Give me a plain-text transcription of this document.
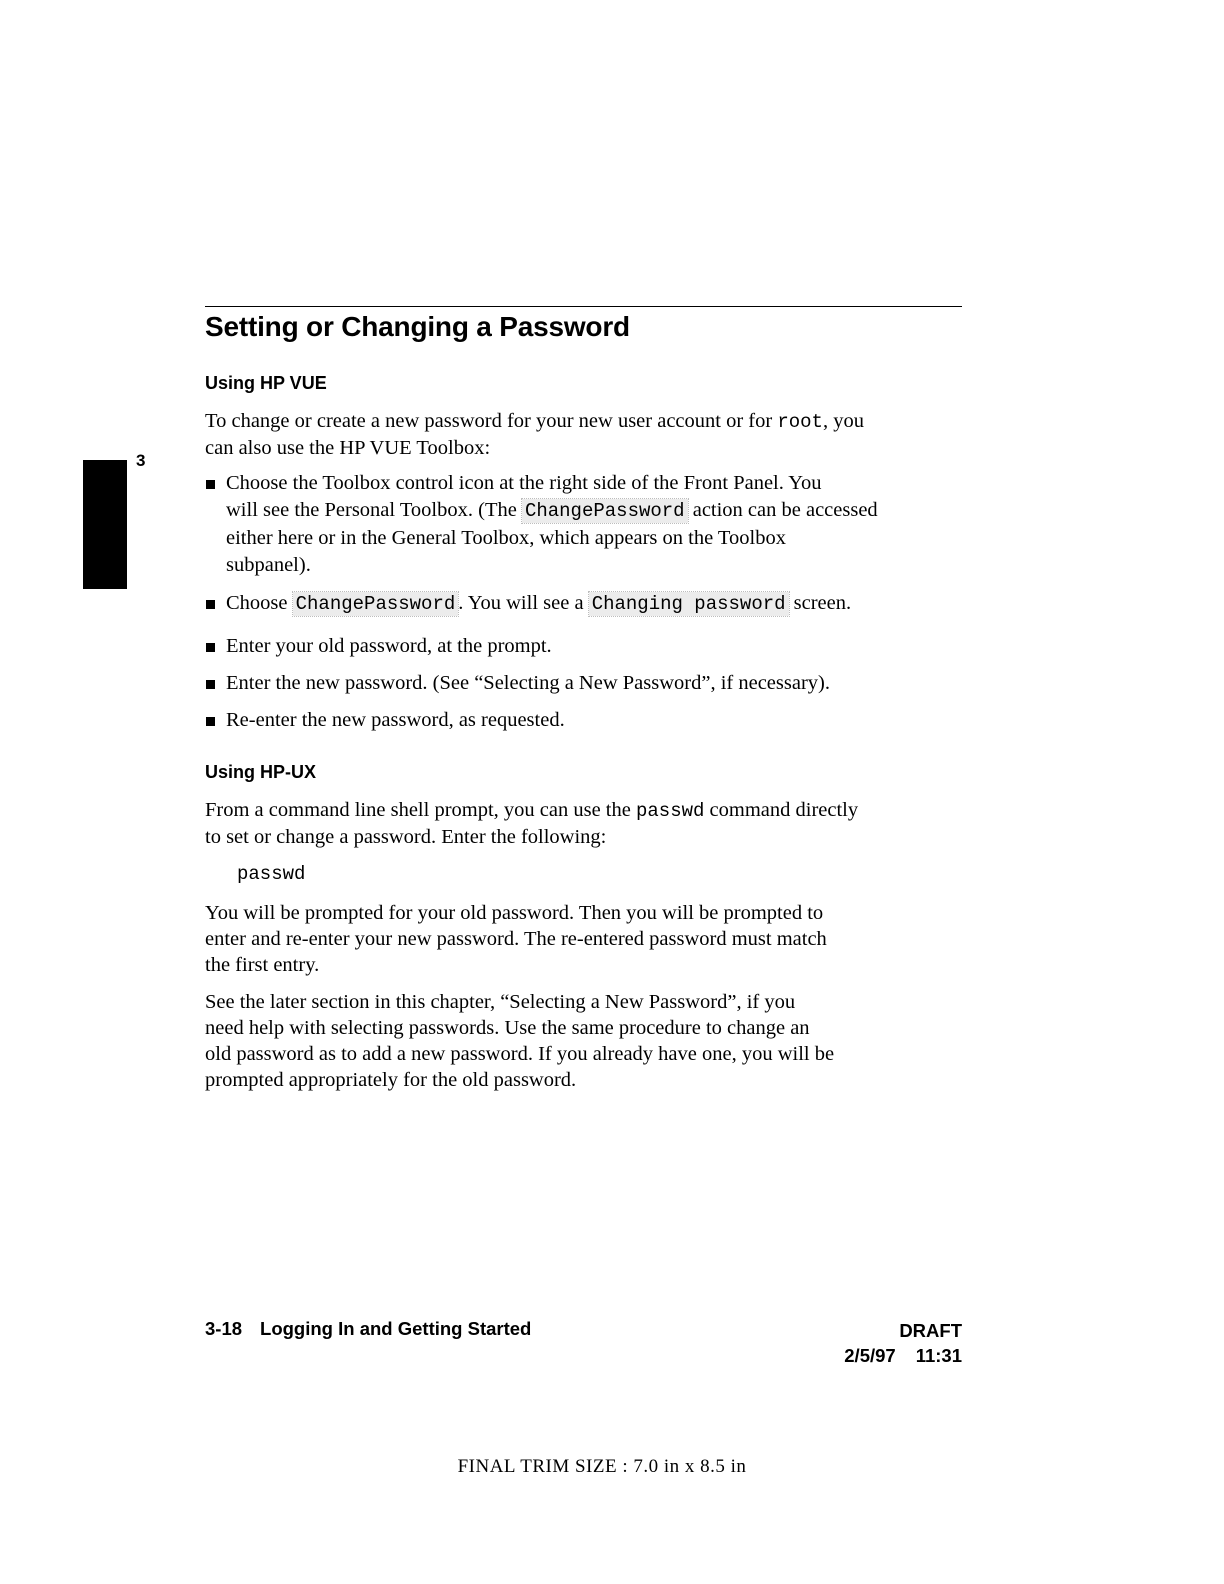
3
Setting or Changing a Password
Using HP VUE
To change or create a new password for your new user account or for root, you
can also use the HP VUE Toolbox:
Choose the Toolbox control icon at the right side of the Front Panel. You
will see the Personal Toolbox. (The ChangePassword action can be accessed
either here or in the General Toolbox, which appears on the Toolbox
subpanel).
Choose ChangePassword . You will see a Changing password screen.
Enter your old password, at the prompt.
Enter the new password. (See “Selecting a New Password”, if necessary).
Re-enter the new password, as requested.
Using HP-UX
From a command line shell prompt, you can use the passwd command directly
to set or change a password. Enter the following:
passwd
You will be prompted for your old password. Then you will be prompted to
enter and re-enter your new password. The re-entered password must match
the first entry.
See the later section in this chapter, “Selecting a New Password”, if you
need help with selecting passwords. Use the same procedure to change an
old password as to add a new password. If you already have one, you will be
prompted appropriately for the old password.
3-18 Logging In and Getting Started	DRAFT
2/5/97 11:31
FINAL TRIM SIZE : 7.0 in x 8.5 in
